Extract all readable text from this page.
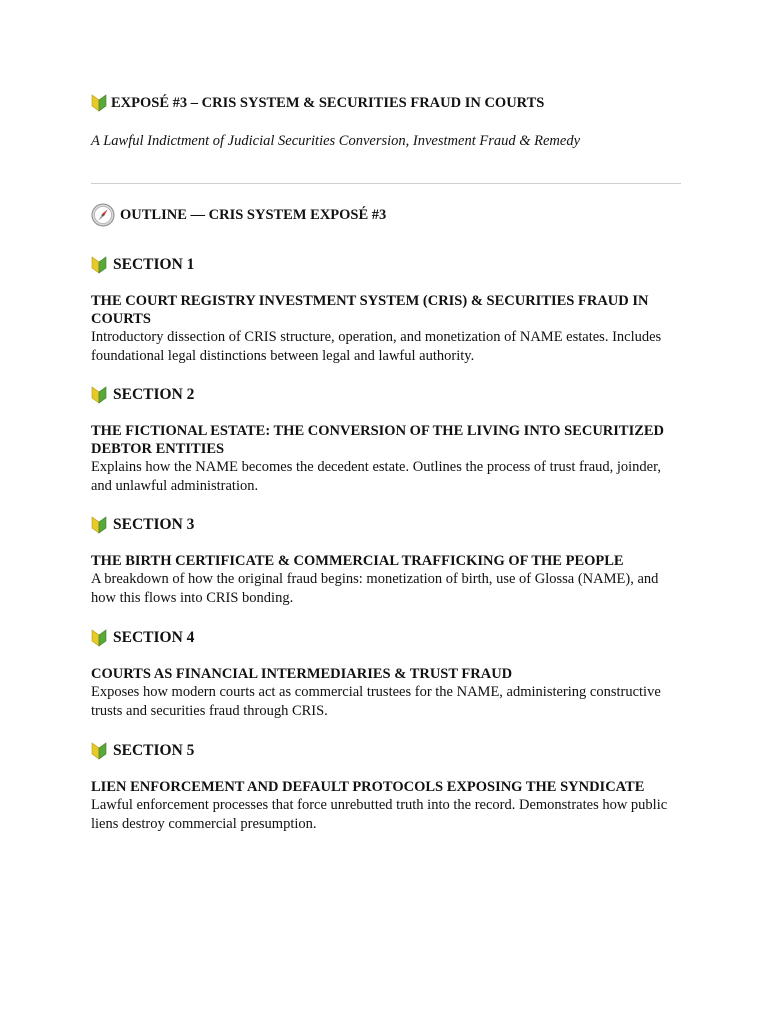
EXPOSÉ #3 – CRIS SYSTEM & SECURITIES FRAUD IN COURTS
A Lawful Indictment of Judicial Securities Conversion, Investment Fraud & Remedy
OUTLINE — CRIS SYSTEM EXPOSÉ #3
SECTION 1
THE COURT REGISTRY INVESTMENT SYSTEM (CRIS) & SECURITIES FRAUD IN COURTS
Introductory dissection of CRIS structure, operation, and monetization of NAME estates. Includes foundational legal distinctions between legal and lawful authority.
SECTION 2
THE FICTIONAL ESTATE: THE CONVERSION OF THE LIVING INTO SECURITIZED DEBTOR ENTITIES
Explains how the NAME becomes the decedent estate. Outlines the process of trust fraud, joinder, and unlawful administration.
SECTION 3
THE BIRTH CERTIFICATE & COMMERCIAL TRAFFICKING OF THE PEOPLE
A breakdown of how the original fraud begins: monetization of birth, use of Glossa (NAME), and how this flows into CRIS bonding.
SECTION 4
COURTS AS FINANCIAL INTERMEDIARIES & TRUST FRAUD
Exposes how modern courts act as commercial trustees for the NAME, administering constructive trusts and securities fraud through CRIS.
SECTION 5
LIEN ENFORCEMENT AND DEFAULT PROTOCOLS EXPOSING THE SYNDICATE
Lawful enforcement processes that force unrebutted truth into the record. Demonstrates how public liens destroy commercial presumption.
